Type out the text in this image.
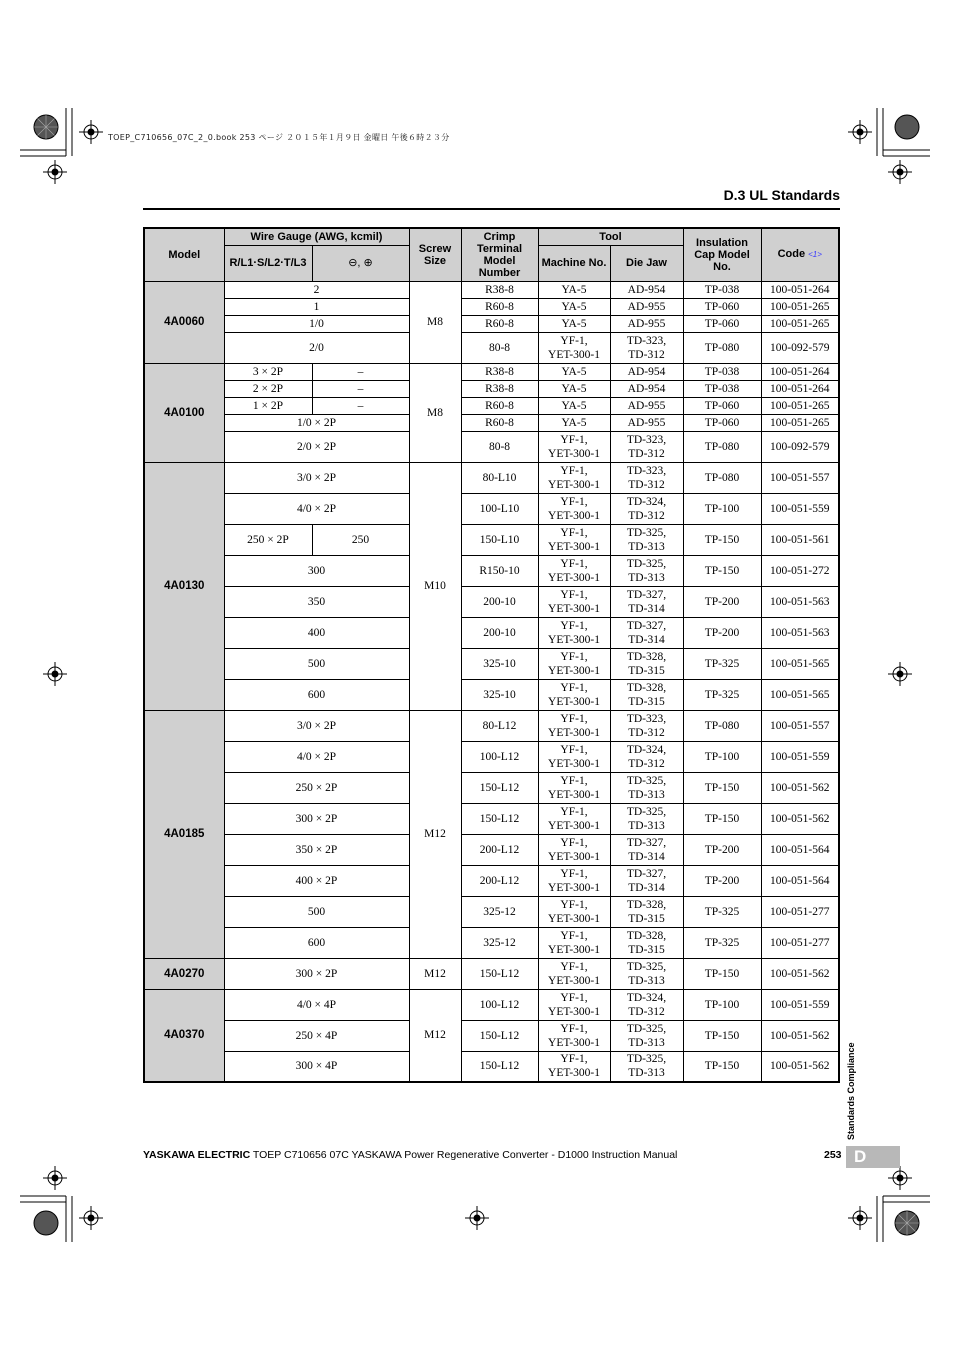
TOEP_C710656_07C_2_0.book 253 ページ ２０１５年１月９日 金曜日 午後６時２３分
D.3 UL Standards
Model	Wire Gauge (AWG, kcmil)		Screw Size	Crimp Terminal Model Number	Tool		Insulation Cap Model No.	Code <1>
	R/L1·S/L2·T/L3	⊖, ⊕			Machine No.	Die Jaw		
4A0060	2		M8	R38-8	YA-5	AD-954	TP-038	100-051-264
	1			R60-8	YA-5	AD-955	TP-060	100-051-265
	1/0			R60-8	YA-5	AD-955	TP-060	100-051-265
	2/0			80-8	YF-1,
YET-300-1	TD-323,
TD-312	TP-080	100-092-579
4A0100	3 × 2P	–	M8	R38-8	YA-5	AD-954	TP-038	100-051-264
	2 × 2P	–		R38-8	YA-5	AD-954	TP-038	100-051-264
	1 × 2P	–		R60-8	YA-5	AD-955	TP-060	100-051-265
	1/0 × 2P			R60-8	YA-5	AD-955	TP-060	100-051-265
	2/0 × 2P			80-8	YF-1,
YET-300-1	TD-323,
TD-312	TP-080	100-092-579
4A0130	3/0 × 2P		M10	80-L10	YF-1,
YET-300-1	TD-323,
TD-312	TP-080	100-051-557
	4/0 × 2P			100-L10	YF-1,
YET-300-1	TD-324,
TD-312	TP-100	100-051-559
	250 × 2P	250		150-L10	YF-1,
YET-300-1	TD-325,
TD-313	TP-150	100-051-561
	300			R150-10	YF-1,
YET-300-1	TD-325,
TD-313	TP-150	100-051-272
	350			200-10	YF-1,
YET-300-1	TD-327,
TD-314	TP-200	100-051-563
	400			200-10	YF-1,
YET-300-1	TD-327,
TD-314	TP-200	100-051-563
	500			325-10	YF-1,
YET-300-1	TD-328,
TD-315	TP-325	100-051-565
	600			325-10	YF-1,
YET-300-1	TD-328,
TD-315	TP-325	100-051-565
4A0185	3/0 × 2P		M12	80-L12	YF-1,
YET-300-1	TD-323,
TD-312	TP-080	100-051-557
	4/0 × 2P			100-L12	YF-1,
YET-300-1	TD-324,
TD-312	TP-100	100-051-559
	250 × 2P			150-L12	YF-1,
YET-300-1	TD-325,
TD-313	TP-150	100-051-562
	300 × 2P			150-L12	YF-1,
YET-300-1	TD-325,
TD-313	TP-150	100-051-562
	350 × 2P			200-L12	YF-1,
YET-300-1	TD-327,
TD-314	TP-200	100-051-564
	400 × 2P			200-L12	YF-1,
YET-300-1	TD-327,
TD-314	TP-200	100-051-564
	500			325-12	YF-1,
YET-300-1	TD-328,
TD-315	TP-325	100-051-277
	600			325-12	YF-1,
YET-300-1	TD-328,
TD-315	TP-325	100-051-277
4A0270	300 × 2P		M12	150-L12	YF-1,
YET-300-1	TD-325,
TD-313	TP-150	100-051-562
4A0370	4/0 × 4P		M12	100-L12	YF-1,
YET-300-1	TD-324,
TD-312	TP-100	100-051-559
	250 × 4P			150-L12	YF-1,
YET-300-1	TD-325,
TD-313	TP-150	100-051-562
	300 × 4P			150-L12	YF-1,
YET-300-1	TD-325,
TD-313	TP-150	100-051-562 Standards Compliance
YASKAWA ELECTRIC TOEP C710656 07C YASKAWA Power Regenerative Converter - D1000 Instruction Manual	253 D
